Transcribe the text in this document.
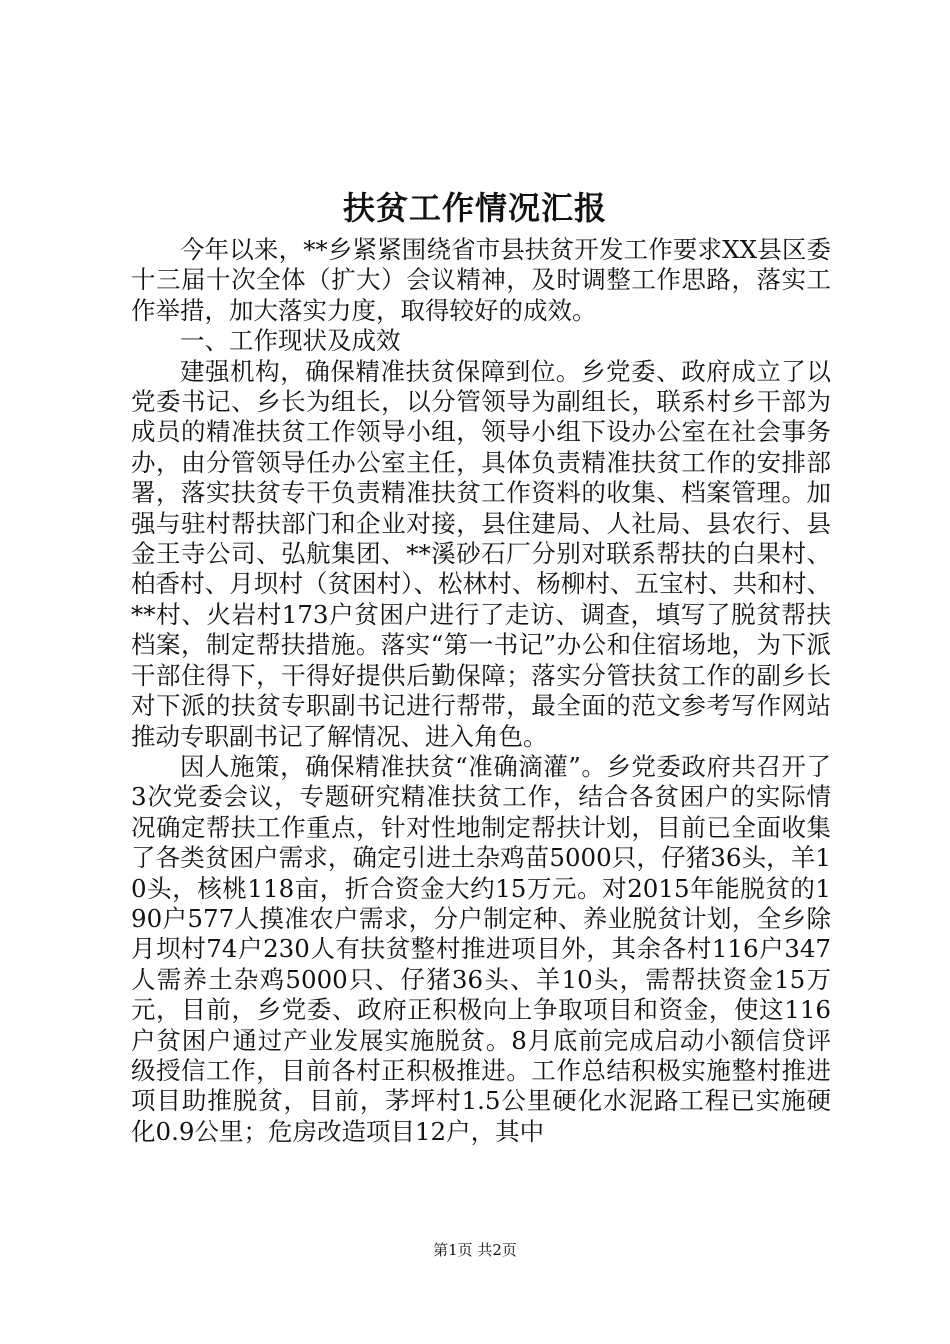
扶贫工作情况汇报

今年以来，**乡紧紧围绕省市县扶贫开发工作要求XX县区委十三届十次全体（扩大）会议精神，及时调整工作思路，落实工作举措，加大落实力度，取得较好的成效。

一、工作现状及成效

建强机构，确保精准扶贫保障到位。乡党委、政府成立了以党委书记、乡长为组长，以分管领导为副组长，联系村乡干部为成员的精准扶贫工作领导小组，领导小组下设办公室在社会事务办，由分管领导任办公室主任，具体负责精准扶贫工作的安排部署，落实扶贫专干负责精准扶贫工作资料的收集、档案管理。加强与驻村帮扶部门和企业对接，县住建局、人社局、县农行、县金王寺公司、弘航集团、**溪砂石厂分别对联系帮扶的白果村、柏香村、月坝村（贫困村）、松林村、杨柳村、五宝村、共和村、**村、火岩村173户贫困户进行了走访、调查，填写了脱贫帮扶档案，制定帮扶措施。落实“第一书记”办公和住宿场地，为下派干部住得下，干得好提供后勤保障；落实分管扶贫工作的副乡长对下派的扶贫专职副书记进行帮带，最全面的范文参考写作网站推动专职副书记了解情况、进入角色。

因人施策，确保精准扶贫“准确滴灌”。乡党委政府共召开了3次党委会议，专题研究精准扶贫工作，结合各贫困户的实际情况确定帮扶工作重点，针对性地制定帮扶计划，目前已全面收集了各类贫困户需求，确定引进土杂鸡苗5000只，仔猪36头，羊10头，核桃118亩，折合资金大约15万元。对2015年能脱贫的190户577人摸准农户需求，分户制定种、养业脱贫计划，全乡除月坝村74户230人有扶贫整村推进项目外，其余各村116户347人需养土杂鸡5000只、仔猪36头、羊10头，需帮扶资金15万元，目前，乡党委、政府正积极向上争取项目和资金，使这116户贫困户通过产业发展实施脱贫。8月底前完成启动小额信贷评级授信工作，目前各村正积极推进。工作总结积极实施整村推进项目助推脱贫，目前，茅坪村1.5公里硬化水泥路工程已实施硬化0.9公里；危房改造项目12户，其中

第1页 共2页
